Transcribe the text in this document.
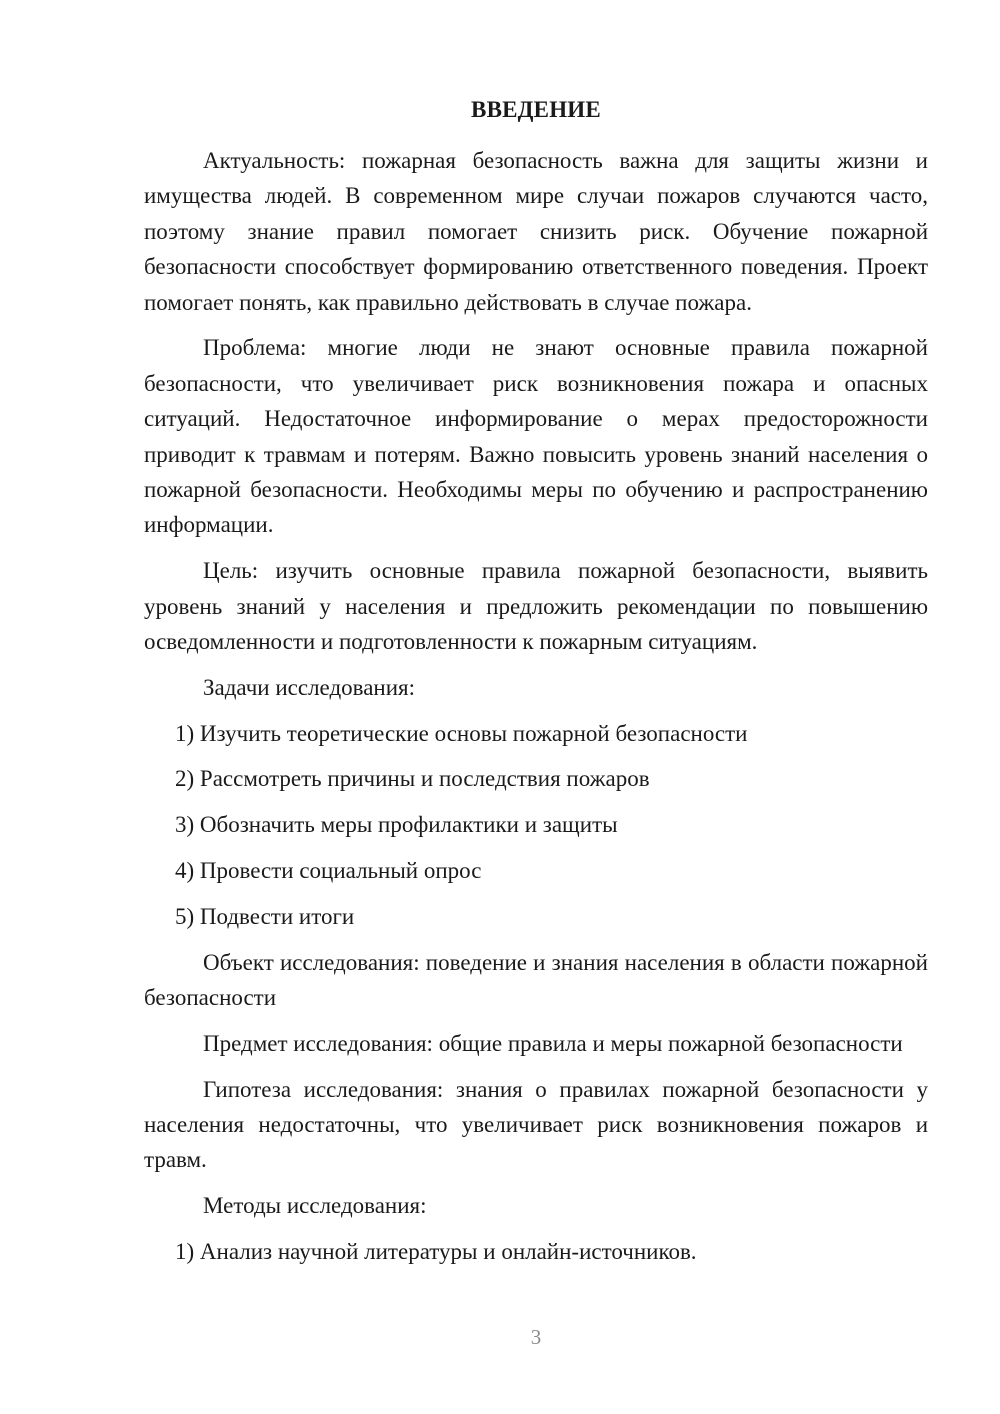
ВВЕДЕНИЕ

Актуальность: пожарная безопасность важна для защиты жизни и имущества людей. В современном мире случаи пожаров случаются часто, поэтому знание правил помогает снизить риск. Обучение пожарной безопасности способствует формированию ответственного поведения. Проект помогает понять, как правильно действовать в случае пожара.

Проблема: многие люди не знают основные правила пожарной безопасности, что увеличивает риск возникновения пожара и опасных ситуаций. Недостаточное информирование о мерах предосторожности приводит к травмам и потерям. Важно повысить уровень знаний населения о пожарной безопасности. Необходимы меры по обучению и распространению информации.

Цель: изучить основные правила пожарной безопасности, выявить уровень знаний у населения и предложить рекомендации по повышению осведомленности и подготовленности к пожарным ситуациям.

Задачи исследования:

1) Изучить теоретические основы пожарной безопасности
2) Рассмотреть причины и последствия пожаров
3) Обозначить меры профилактики и защиты
4) Провести социальный опрос
5) Подвести итоги

Объект исследования: поведение и знания населения в области пожарной безопасности

Предмет исследования: общие правила и меры пожарной безопасности

Гипотеза исследования: знания о правилах пожарной безопасности у населения недостаточны, что увеличивает риск возникновения пожаров и травм.

Методы исследования:

1) Анализ научной литературы и онлайн-источников.

3
